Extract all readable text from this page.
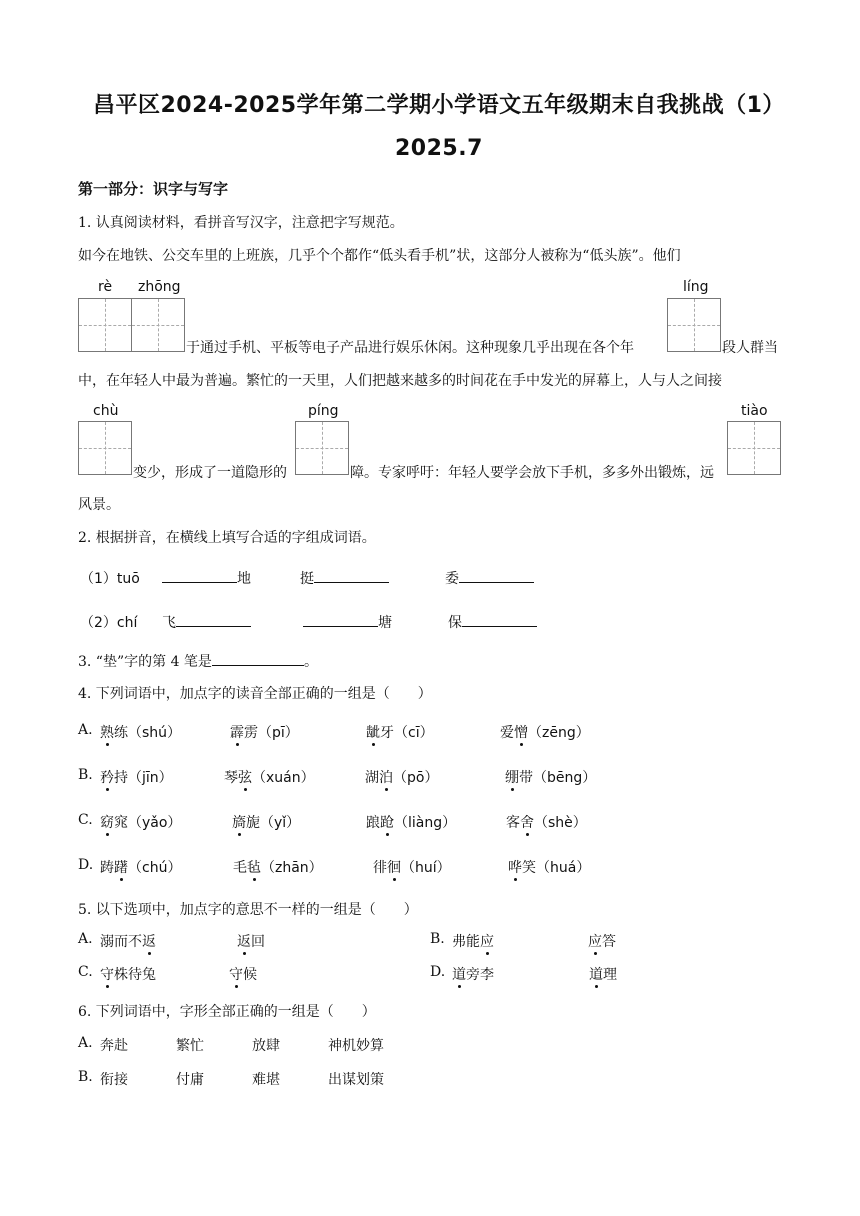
昌平区2024-2025学年第二学期小学语文五年级期末自我挑战（1）
2025.7
第一部分：识字与写字
1. 认真阅读材料，看拼音写汉字，注意把字写规范。
如今在地铁、公交车里的上班族，几乎个个都作“低头看手机”状，这部分人被称为“低头族”。他们
rè zhōng
于通过手机、平板等电子产品进行娱乐休闲。这种现象几乎出现在各个年
líng
段人群当
中，在年轻人中最为普遍。繁忙的一天里，人们把越来越多的时间花在手中发光的屏幕上，人与人之间接
chù
变少，形成了一道隐形的
píng
障。专家呼吁：年轻人要学会放下手机，多多外出锻炼，远
tiào
风景。
2. 根据拼音，在横线上填写合适的字组成词语。
（1）tuō	地	挺	委
（2）chí 飞	塘	保
3. “垫”字的第 4 笔是	。
4. 下列词语中，加点字的读音全部正确的一组是（　　）
A. 熟练（shú）	霹雳（pī）	龇牙（cī）	爱憎（zēng）
B. 矜持（jīn）	琴弦（xuán）	湖泊（pō）	绷带（bēng）
C. 窈窕（yǎo）	旖旎（yǐ）	踉跄（liàng）	客舍（shè）
D. 踌躇（chú）	毛毡（zhān）	徘徊（huí）	哗笑（huá）
5. 以下选项中，加点字的意思不一样的一组是（　　）
A. 溺而不返	返回	B. 弗能应	应答
C. 守株待兔	守候	D. 道旁李	道理
6. 下列词语中，字形全部正确的一组是（　　）
A. 奔赴	繁忙	放肆	神机妙算
B. 衔接	付庸	难堪	出谋划策
